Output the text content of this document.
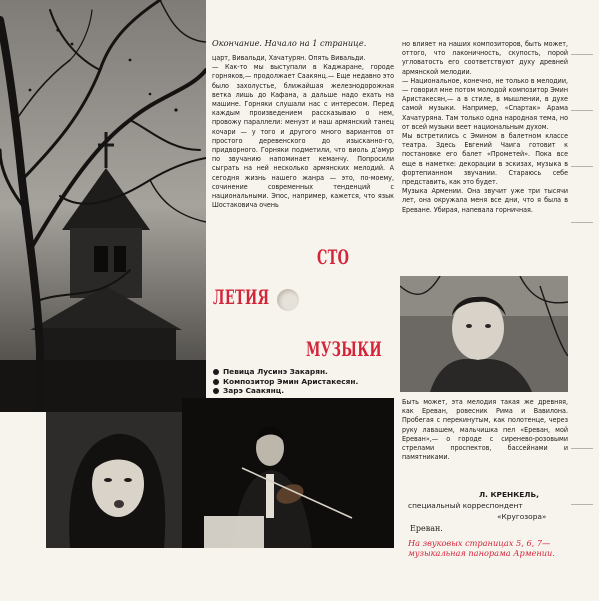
Окончание. Начало на 1 странице.
царт, Вивальди, Хачатурян. Опять Вивальди.
— Как-то мы выступали в Каджаране, городе горняков,— продолжает Саакянц.— Еще недавно это было захолустье, ближайшая железнодорожная ветка лишь до Кафана, а дальше надо ехать на машине. Горняки слушали нас с интересом. Перед каждым произведением рассказываю о нем, провожу параллели: менуэт и наш армянский танец кочари — у того и другого много вариантов от простого деревенского до изысканно-го, придворного. Горняки подметили, что виоль д'амур по звучанию напоминает кеманчу. Попросили сыграть на ней несколько армянских мелодий. А сегодня жизнь нашего жанра — это, по-моему, сочинение современных тенденций с национальными. Эпос, например, кажется, что язык Шостаковича очень
но влияет на наших композиторов, быть может, оттого, что лаконичность, скупость, порой угловатость его соответствуют духу древней армянской мелодии.
— Национальное, конечно, не только в мелодии,— говорил мне потом молодой композитор Эмин Аристакесян,— а в стиле, в мышлении, в духе самой музыки. Например, «Спартак» Арама Хачатуряна. Там только одна народная тема, но от всей музыки веет национальным духом.
Мы встретились с Эмином в балетном классе театра. Здесь Евгений Чаига готовит к постановке его балет «Прометей». Пока все еще в наметке: декорации в эскизах, музыка в фортепианном звучании. Стараюсь себе представить, как это будет.
Музыка Армении. Она звучит уже три тысячи лет, она окружала меня все дни, что я была в Ереване. Убирая, напевала горничная.
СТО
ЛЕТИЯ
МУЗЫКИ
Певица Лусинэ Закарян.
Композитор Эмин Аристакесян.
Зарэ Саакянц.
Быть может, эта мелодия такая же древняя, как Ереван, ровесник Рима и Вавилона. Пробегая с перекинутым, как полотенце, через руку лавашем, мальчишка пел «Ереван, мой Ереван»,— о городе с сиренево-розовыми стрелами проспектов, бассейнами и памятниками.
Л. КРЕНКЕЛЬ,
специальный корреспондент
«Кругозора»
Ереван.
На звуковых страницах 5, 6, 7— музыкальная панорама Армении.
